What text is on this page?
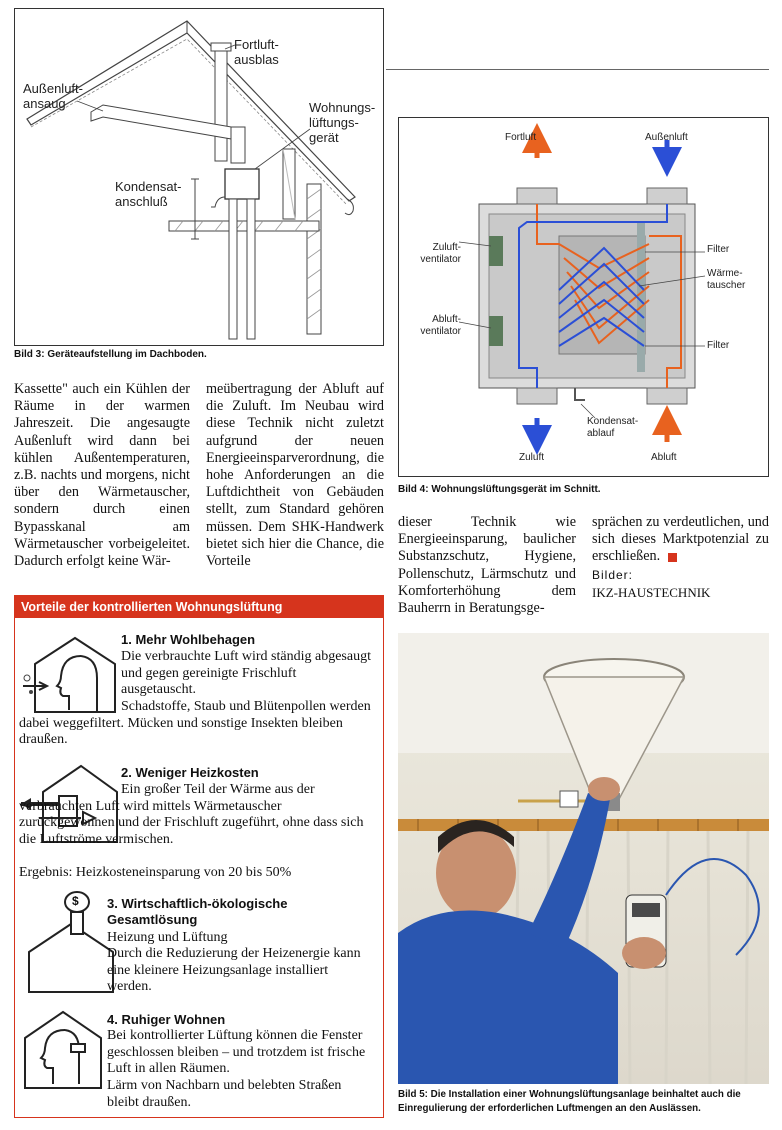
Fortluft-
ausblas
Außenluft-
ansaug	Wohnungs-
lüftungs-
gerät
Kondensat-
anschluß
Bild 3: Geräteaufstellung im Dachboden.
Fortluft	Außenluft
Zuluft-
ventilator
Abluft-
ventilator
Filter
Wärme-
tauscher
Filter
Kondensat-
ablauf
Zuluft	Abluft
Bild 4: Wohnungslüftungsgerät im Schnitt.

Kassette" auch ein Kühlen der Räume in der warmen Jahreszeit. Die angesaugte Außenluft wird dann bei kühlen Außentemperaturen, z.B. nachts und morgens, nicht über den Wärmetauscher, sondern durch einen Bypasskanal am Wärmetauscher vorbeigeleitet. Dadurch erfolgt keine Wär-

meübertragung der Abluft auf die Zuluft. Im Neubau wird diese Technik nicht zuletzt aufgrund der neuen Energieeinsparverordnung, die hohe Anforderungen an die Luftdichtheit von Gebäuden stellt, zum Standard gehören müssen. Dem SHK-Handwerk bietet sich hier die Chance, die Vorteile

dieser Technik wie Energieeinsparung, baulicher Substanzschutz, Hygiene, Pollenschutz, Lärmschutz und Komforterhöhung dem Bauherrn in Beratungsge-

sprächen zu verdeutlichen, und sich dieses Marktpotenzial zu erschließen.

Bilder:
IKZ-HAUSTECHNIK
Vorteile der kontrollierten Wohnungslüftung
1. Mehr Wohlbehagen
Die verbrauchte Luft wird ständig abgesaugt und gegen gereinigte Frischluft ausgetauscht.
Schadstoffe, Staub und Blütenpollen werden dabei weggefiltert. Mücken und sonstige Insekten bleiben draußen.
2. Weniger Heizkosten
Ein großer Teil der Wärme aus der verbrauchten Luft wird mittels Wärmetauscher zurückgewonnen und der Frischluft zugeführt, ohne dass sich die Luftströme vermischen.
Ergebnis: Heizkosteneinsparung von 20 bis 50%
$ 3. Wirtschaftlich-ökologische Gesamtlösung
Heizung und Lüftung
Durch die Reduzierung der Heizenergie kann eine kleinere Heizungsanlage installiert werden.
4. Ruhiger Wohnen
Bei kontrollierter Lüftung können die Fenster geschlossen bleiben – und trotzdem ist frische Luft in allen Räumen.
Lärm von Nachbarn und belebten Straßen bleibt draußen.	Bild 5: Die Installation einer Wohnungslüftungsanlage beinhaltet auch die Einregulierung der erforderlichen Luftmengen an den Auslässen.
